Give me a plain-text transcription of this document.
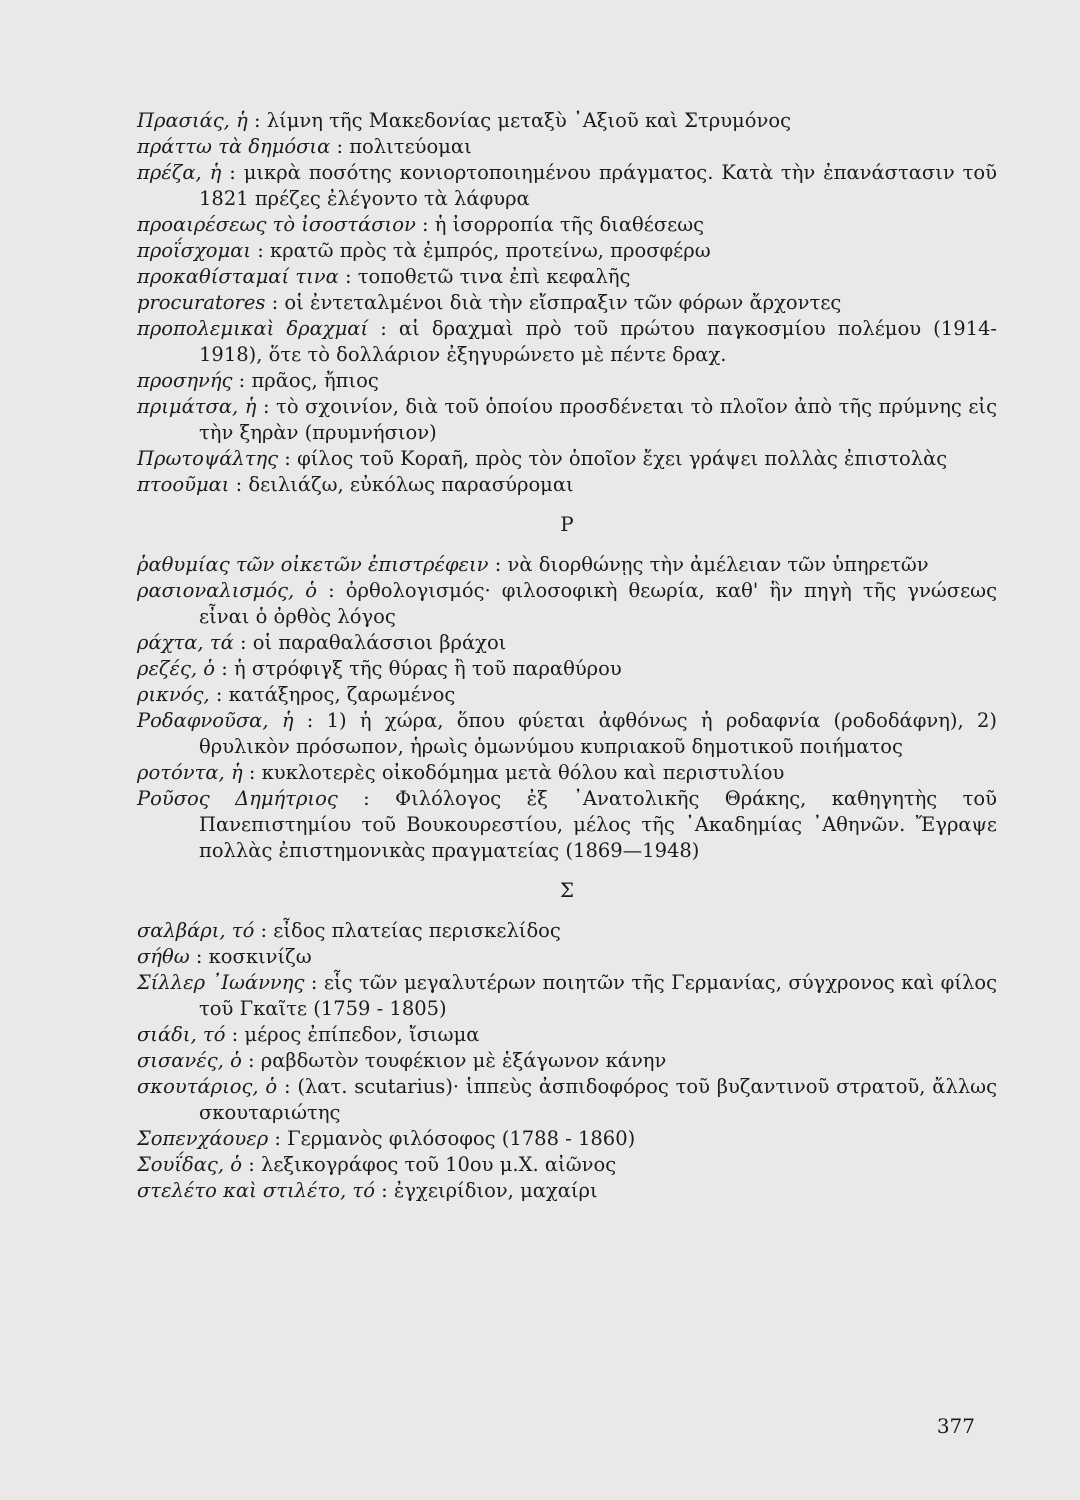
Πρασιάς, ἡ : λίμνη τῆς Μακεδονίας μεταξὺ ᾿Αξιοῦ καὶ Στρυμόνος

πράττω τὰ δημόσια : πολιτεύομαι

πρέζα, ἡ : μικρὰ ποσότης κονιορτοποιημένου πράγματος. Κατὰ τὴν ἐπανάστασιν τοῦ 1821 πρέζες ἐλέγοντο τὰ λάφυρα

προαιρέσεως τὸ ἰσοστάσιον : ἡ ἰσορροπία τῆς διαθέσεως

προΐσχομαι : κρατῶ πρὸς τὰ ἐμπρός, προτείνω, προσφέρω

προκαθίσταμαί τινα : τοποθετῶ τινα ἐπὶ κεφαλῆς

procuratores : οἱ ἐντεταλμένοι διὰ τὴν εἴσπραξιν τῶν φόρων ἄρχοντες

προπολεμικαὶ δραχμαί : αἱ δραχμαὶ πρὸ τοῦ πρώτου παγκοσμίου πολέμου (1914-1918), ὅτε τὸ δολλάριον ἐξηγυρώνετο μὲ πέντε δραχ.

προσηνής : πρᾶος, ἤπιος

πριμάτσα, ἡ : τὸ σχοινίον, διὰ τοῦ ὁποίου προσδένεται τὸ πλοῖον ἀπὸ τῆς πρύμνης εἰς τὴν ξηρὰν (πρυμνήσιον)

Πρωτοψάλτης : φίλος τοῦ Κοραῆ, πρὸς τὸν ὁποῖον ἔχει γράψει πολλὰς ἐπιστολὰς

πτοοῦμαι : δειλιάζω, εὐκόλως παρασύρομαι

Ρ

ῥαθυμίας τῶν οἰκετῶν ἐπιστρέφειν : νὰ διορθώνῃς τὴν ἀμέλειαν τῶν ὑπηρετῶν

ρασιοναλισμός, ὁ : ὀρθολογισμός· φιλοσοφικὴ θεωρία, καθ' ἣν πηγὴ τῆς γνώσεως εἶναι ὁ ὀρθὸς λόγος

ράχτα, τά : οἱ παραθαλάσσιοι βράχοι

ρεζές, ὁ : ἡ στρόφιγξ τῆς θύρας ἢ τοῦ παραθύρου

ρικνός, : κατάξηρος, ζαρωμένος

Ροδαφνοῦσα, ἡ : 1) ἡ χώρα, ὅπου φύεται ἀφθόνως ἡ ροδαφνία (ροδοδάφνη), 2) θρυλικὸν πρόσωπον, ἡρωὶς ὁμωνύμου κυπριακοῦ δημοτικοῦ ποιήματος

ροτόντα, ἡ : κυκλοτερὲς οἰκοδόμημα μετὰ θόλου καὶ περιστυλίου

Ροῦσος Δημήτριος : Φιλόλογος ἐξ ᾿Ανατολικῆς Θράκης, καθηγητὴς τοῦ Πανεπιστημίου τοῦ Βουκουρεστίου, μέλος τῆς ᾿Ακαδημίας ᾿Αθηνῶν. Ἔγραψε πολλὰς ἐπιστημονικὰς πραγματείας (1869—1948)

Σ

σαλβάρι, τό : εἶδος πλατείας περισκελίδος

σήθω : κοσκινίζω

Σίλλερ ᾿Ιωάννης : εἷς τῶν μεγαλυτέρων ποιητῶν τῆς Γερμανίας, σύγχρονος καὶ φίλος τοῦ Γκαῖτε (1759 - 1805)

σιάδι, τό : μέρος ἐπίπεδον, ἴσιωμα

σισανές, ὁ : ραβδωτὸν τουφέκιον μὲ ἑξάγωνον κάνην

σκουτάριος, ὁ : (λατ. scutarius)· ἱππεὺς ἀσπιδοφόρος τοῦ βυζαντινοῦ στρατοῦ, ἄλλως σκουταριώτης

Σοπενχάουερ : Γερμανὸς φιλόσοφος (1788 - 1860)

Σουΐδας, ὁ : λεξικογράφος τοῦ 10ου μ.Χ. αἰῶνος

στελέτο καὶ στιλέτο, τό : ἐγχειρίδιον, μαχαίρι

377
